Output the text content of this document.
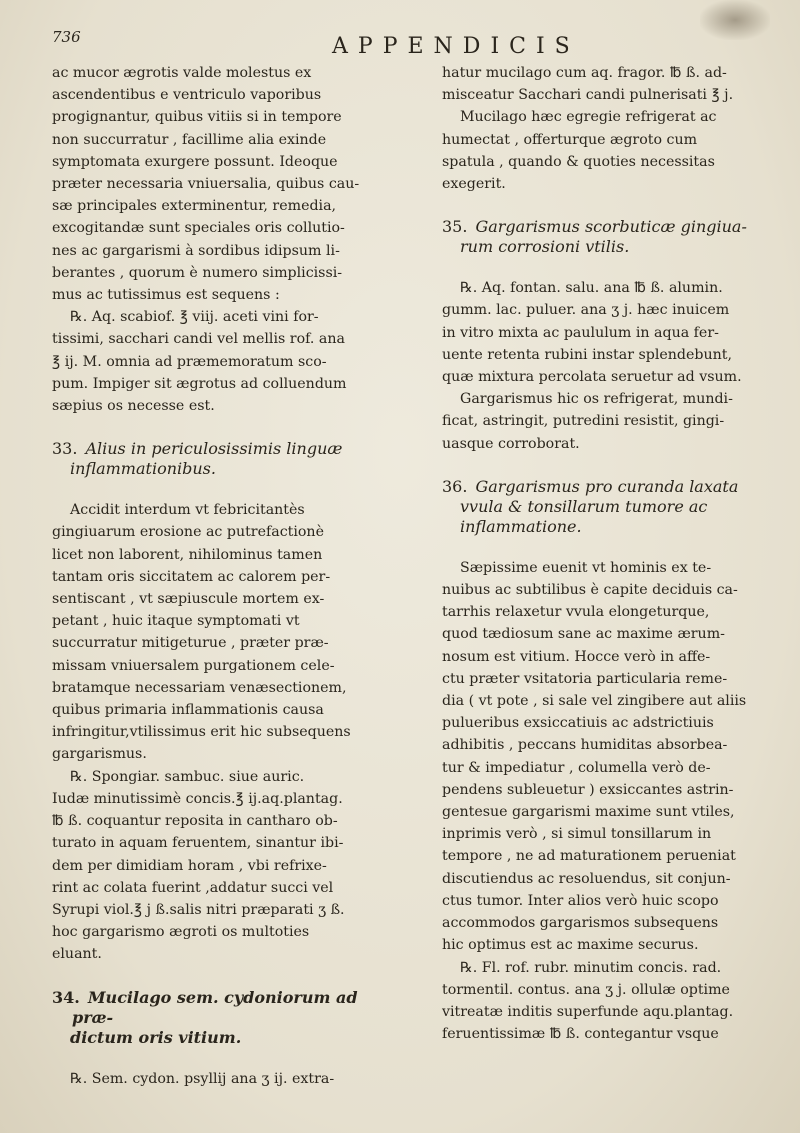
736	APPENDICIS
ac mucor ægrotis valde molestus ex
ascendentibus e ventriculo vaporibus
progignantur, quibus vitiis si in tempore
non succurratur , facillime alia exinde
symptomata exurgere possunt. Ideoque
præter necessaria vniuersalia, quibus cau-
sæ principales exterminentur, remedia,
excogitandæ sunt speciales oris collutio-
nes ac gargarismi à sordibus idipsum li-
berantes , quorum è numero simplicissi-
mus ac tutissimus est sequens :
℞. Aq. scabiof. ℥ viij. aceti vini for-
tissimi, sacchari candi vel mellis rof. ana
℥ ij. M. omnia ad præmemoratum sco-
pum. Impiger sit ægrotus ad colluendum
sæpius os necesse est.
33. Alius in periculosissimis linguæ
inflammationibus.
Accidit interdum vt febricitantès
gingiuarum erosione ac putrefactionè
licet non laborent, nihilominus tamen
tantam oris siccitatem ac calorem per-
sentiscant , vt sæpiuscule mortem ex-
petant , huic itaque symptomati vt
succurratur mitigeturue , præter præ-
missam vniuersalem purgationem cele-
bratamque necessariam venæsectionem,
quibus primaria inflammationis causa
infringitur,vtilissimus erit hic subsequens
gargarismus.
℞. Spongiar. sambuc. siue auric.
Iudæ minutissimè concis.℥ ij.aq.plantag.
℔ ß. coquantur reposita in cantharo ob-
turato in aquam feruentem, sinantur ibi-
dem per dimidiam horam , vbi refrixe-
rint ac colata fuerint ,addatur succi vel
Syrupi viol.℥ j ß.salis nitri præparati ʒ ß.
hoc gargarismo ægroti os multoties
eluant.
34. Mucilago sem. cydoniorum ad præ-
dictum oris vitium.
℞. Sem. cydon. psyllij ana ʒ ij. extra-
hatur mucilago cum aq. fragor. ℔ ß. ad-
misceatur Sacchari candi pulnerisati ℥ j.
Mucilago hæc egregie refrigerat ac
humectat , offerturque ægroto cum
spatula , quando & quoties necessitas
exegerit.
35. Gargarismus scorbuticæ gingiua-
rum corrosioni vtilis.
℞. Aq. fontan. salu. ana ℔ ß. alumin.
gumm. lac. puluer. ana ʒ j. hæc inuicem
in vitro mixta ac paululum in aqua fer-
uente retenta rubini instar splendebunt,
quæ mixtura percolata seruetur ad vsum.
Gargarismus hic os refrigerat, mundi-
ficat, astringit, putredini resistit, gingi-
uasque corroborat.
36. Gargarismus pro curanda laxata
vvula & tonsillarum tumore ac
inflammatione.
Sæpissime euenit vt hominis ex te-
nuibus ac subtilibus è capite deciduis ca-
tarrhis relaxetur vvula elongeturque,
quod tædiosum sane ac maxime ærum-
nosum est vitium. Hocce verò in affe-
ctu præter vsitatoria particularia reme-
dia ( vt pote , si sale vel zingibere aut aliis
pulueribus exsiccatiuis ac adstrictiuis
adhibitis , peccans humiditas absorbea-
tur & impediatur , columella verò de-
pendens subleuetur ) exsiccantes astrin-
gentesue gargarismi maxime sunt vtiles,
inprimis verò , si simul tonsillarum in
tempore , ne ad maturationem perueniat
discutiendus ac resoluendus, sit conjun-
ctus tumor. Inter alios verò huic scopo
accommodos gargarismos subsequens
hic optimus est ac maxime securus.
℞. Fl. rof. rubr. minutim concis. rad.
tormentil. contus. ana ʒ j. ollulæ optime
vitreatæ inditis superfunde aqu.plantag.
feruentissimæ ℔ ß. contegantur vsque
